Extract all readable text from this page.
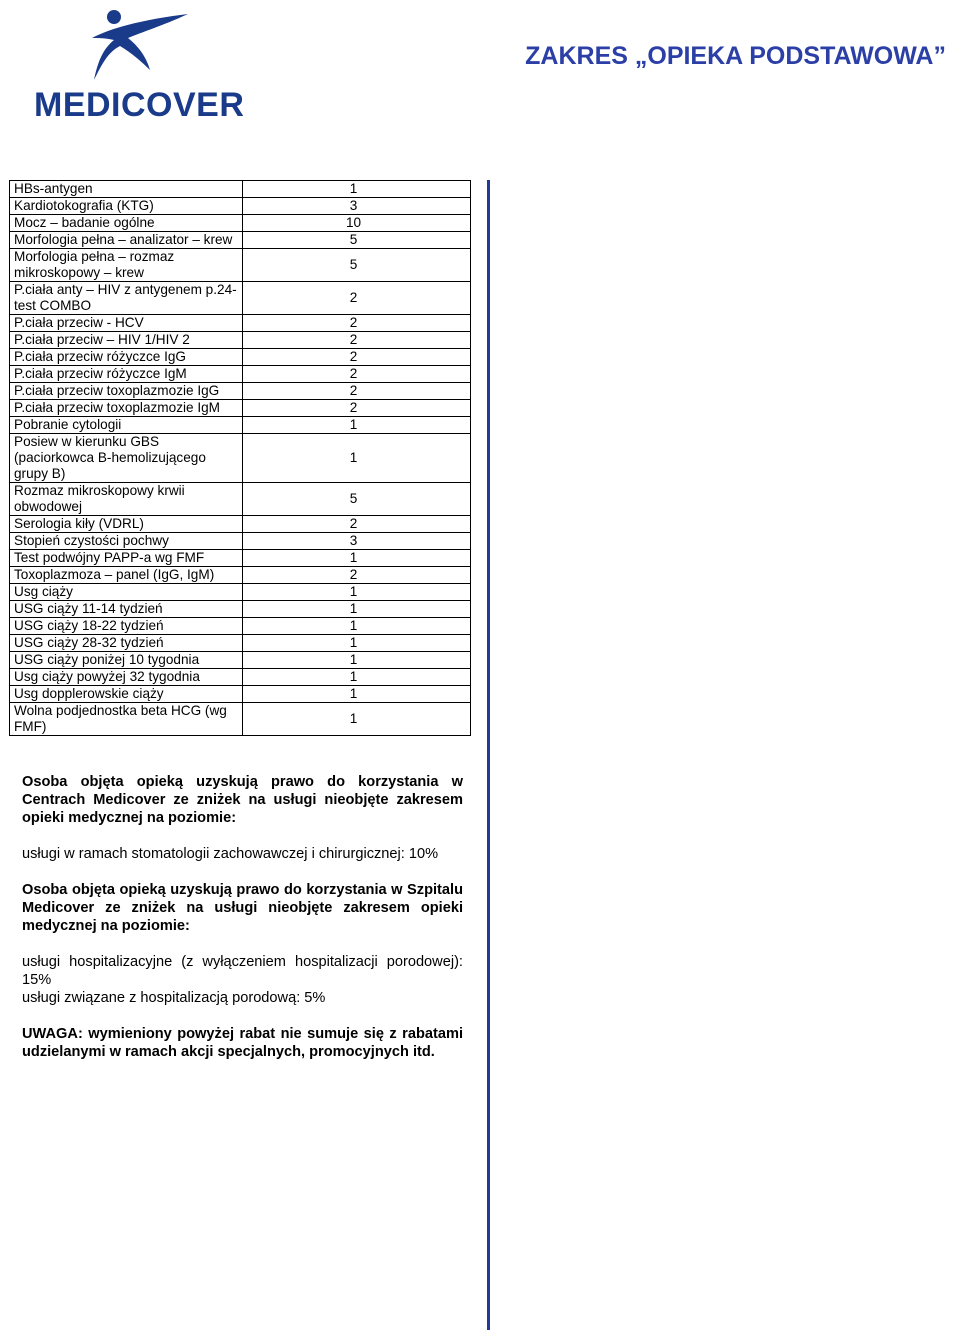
MEDICOVER
ZAKRES „OPIEKA PODSTAWOWA”
HBs-antygen	1
Kardiotokografia (KTG)	3
Mocz – badanie ogólne	10
Morfologia pełna – analizator – krew	5
Morfologia pełna – rozmaz mikroskopowy – krew	5
P.ciała anty – HIV z antygenem p.24-test COMBO	2
P.ciała przeciw - HCV	2
P.ciała przeciw – HIV 1/HIV 2	2
P.ciała przeciw różyczce IgG	2
P.ciała przeciw różyczce IgM	2
P.ciała przeciw toxoplazmozie IgG	2
P.ciała przeciw toxoplazmozie IgM	2
Pobranie cytologii	1
Posiew w kierunku GBS (paciorkowca B-hemolizującego grupy B)	1
Rozmaz mikroskopowy krwii obwodowej	5
Serologia kiły (VDRL)	2
Stopień czystości pochwy	3
Test podwójny PAPP-a wg FMF	1
Toxoplazmoza – panel (IgG, IgM)	2
Usg ciąży	1
USG ciąży 11-14 tydzień	1
USG ciąży 18-22 tydzień	1
USG ciąży 28-32 tydzień	1
USG ciąży poniżej 10 tygodnia	1
Usg ciąży powyżej 32 tygodnia	1
Usg dopplerowskie ciąży	1
Wolna podjednostka beta HCG (wg FMF)	1

Osoba objęta opieką uzyskują prawo do korzystania w Centrach Medicover ze zniżek na usługi nieobjęte zakresem opieki medycznej na poziomie:

usługi w ramach stomatologii zachowawczej i chirurgicznej: 10%

Osoba objęta opieką uzyskują prawo do korzystania w Szpitalu Medicover ze zniżek na usługi nieobjęte zakresem opieki medycznej na poziomie:

usługi hospitalizacyjne (z wyłączeniem hospitalizacji porodowej): 15%

usługi związane z hospitalizacją porodową: 5%

UWAGA: wymieniony powyżej rabat nie sumuje się z rabatami udzielanymi w ramach akcji specjalnych, promocyjnych itd.
